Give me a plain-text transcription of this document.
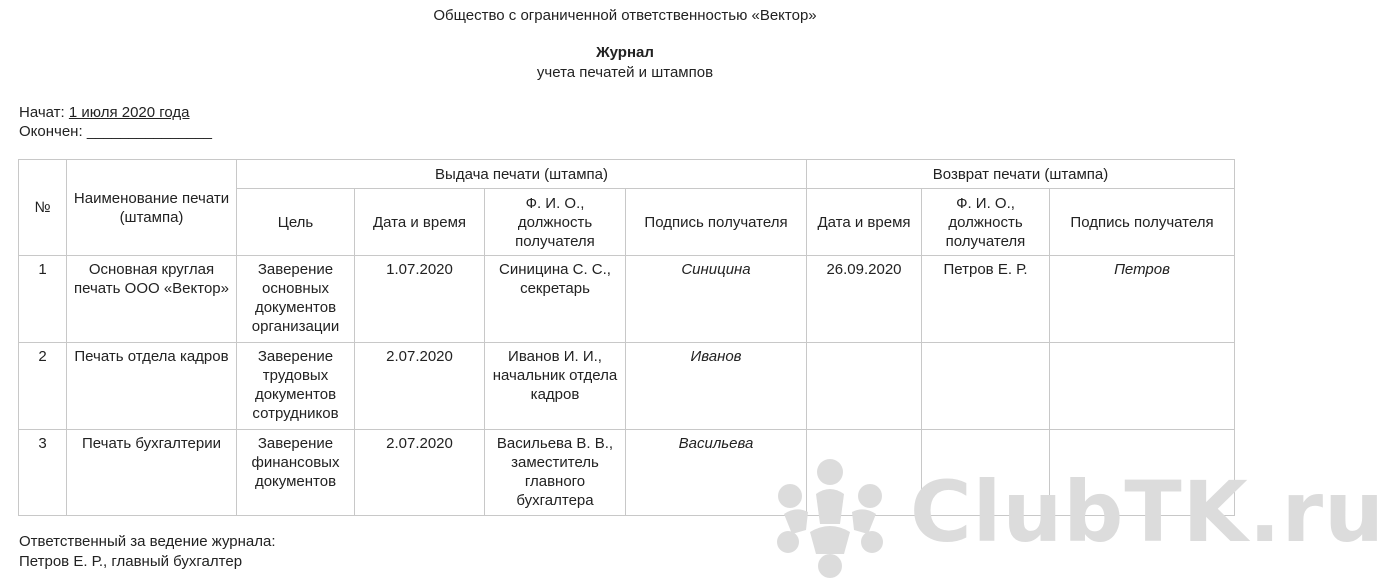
Общество с ограниченной ответственностью «Вектор»
Журнал
учета печатей и штампов
Начат: 1 июля 2020 года
Окончен: _______________
№	Наименование печати (штампа)	Выдача печати (штампа)				Возврат печати (штампа)		
		Цель	Дата и время	Ф. И. О., должность получателя	Подпись получателя	Дата и время	Ф. И. О., должность получателя	Подпись получателя
1	Основная круглая печать ООО «Вектор»	Заверение основных документов организации	1.07.2020	Синицина С. С., секретарь	Синицина	26.09.2020	Петров Е. Р.	Петров
2	Печать отдела кадров	Заверение трудовых документов сотрудников	2.07.2020	Иванов И. И., начальник отдела кадров	Иванов			
3	Печать бухгалтерии	Заверение финансовых документов	2.07.2020	Васильева В. В., заместитель главного бухгалтера	Васильева			
Ответственный за ведение журнала:
Петров Е. Р., главный бухгалтер
ClubTK.ru
